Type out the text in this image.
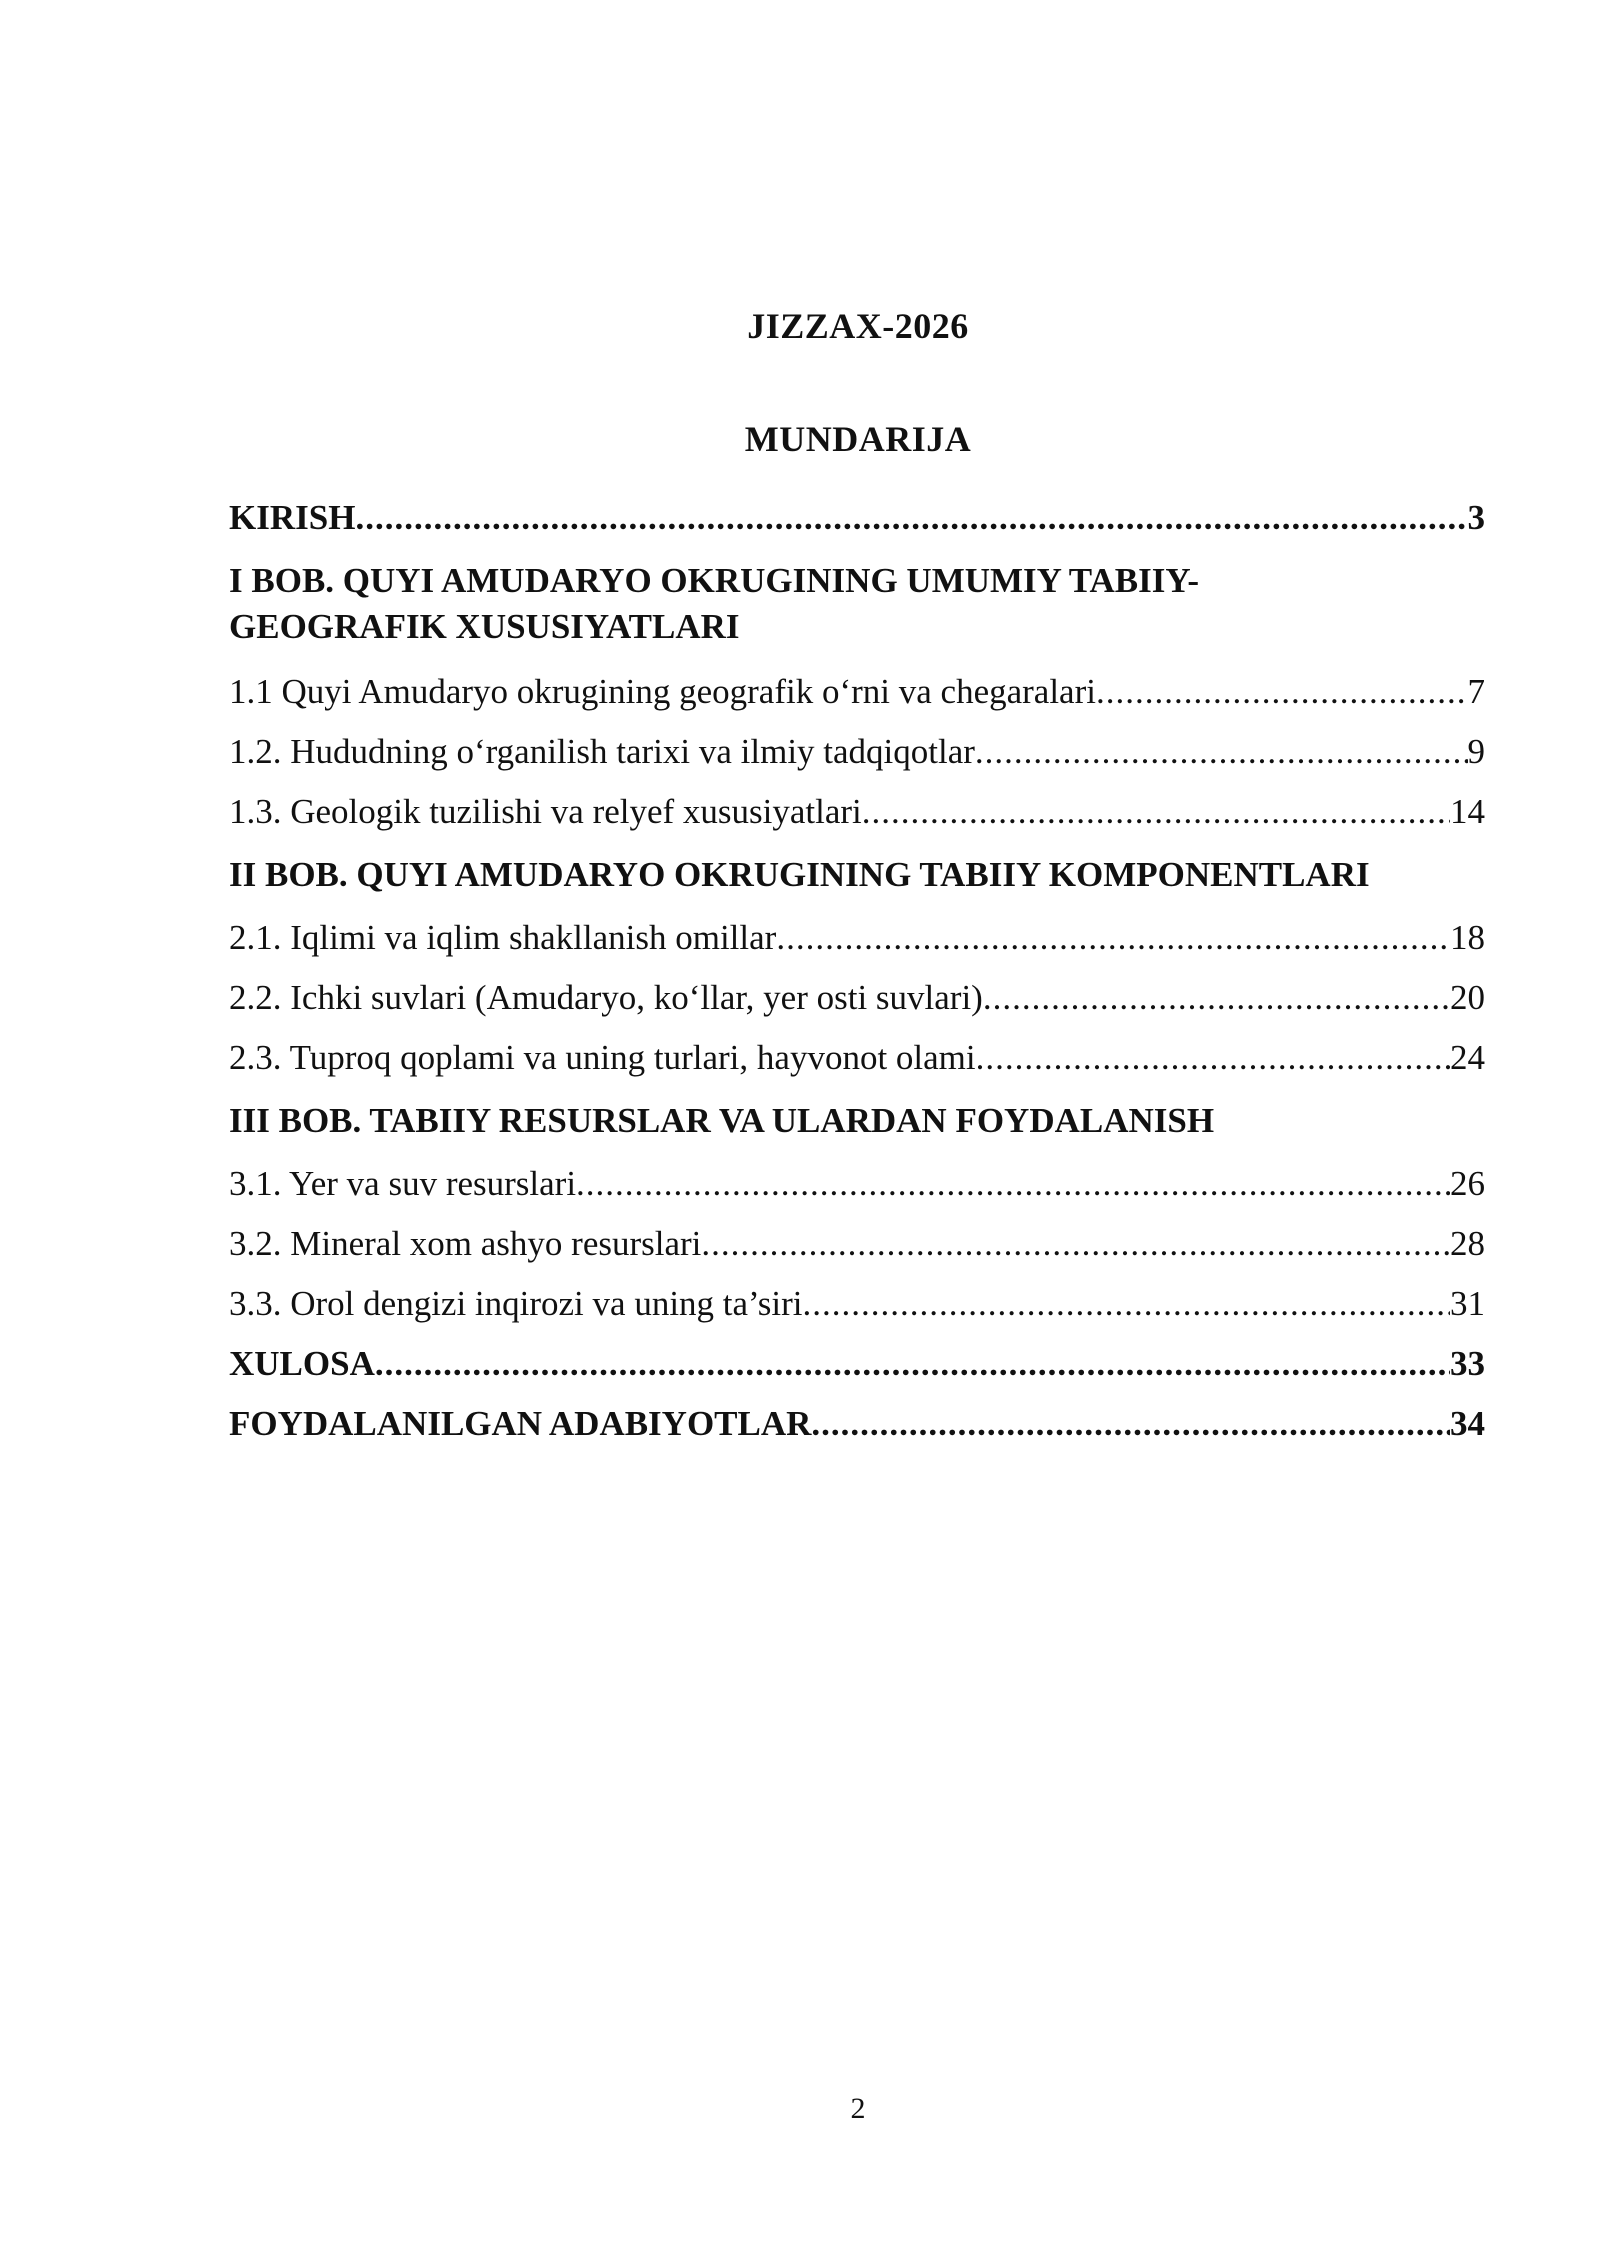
JIZZAX-2026
MUNDARIJA
KIRISH .....	3
I BOB. QUYI AMUDARYO OKRUGINING UMUMIY TABIIY-
GEOGRAFIK XUSUSIYATLARI
1.1 Quyi Amudaryo okrugining geografik o‘rni va chegaralari .....	7
1.2. Hududning o‘rganilish tarixi va ilmiy tadqiqotlar .....	9
1.3. Geologik tuzilishi va relyef xususiyatlari .....	14
II BOB. QUYI AMUDARYO OKRUGINING TABIIY KOMPONENTLARI
2.1. Iqlimi va iqlim shakllanish omillar .....	18
2.2. Ichki suvlari (Amudaryo, ko‘llar, yer osti suvlari) .....	20
2.3. Tuproq qoplami va uning turlari, hayvonot olami .....	24
III BOB. TABIIY RESURSLAR VA ULARDAN FOYDALANISH
3.1. Yer va suv resurslari .....	26
3.2. Mineral xom ashyo resurslari .....	28
3.3. Orol dengizi inqirozi va uning ta’siri .....	31
XULOSA .....	33
FOYDALANILGAN ADABIYOTLAR .....	34
2
